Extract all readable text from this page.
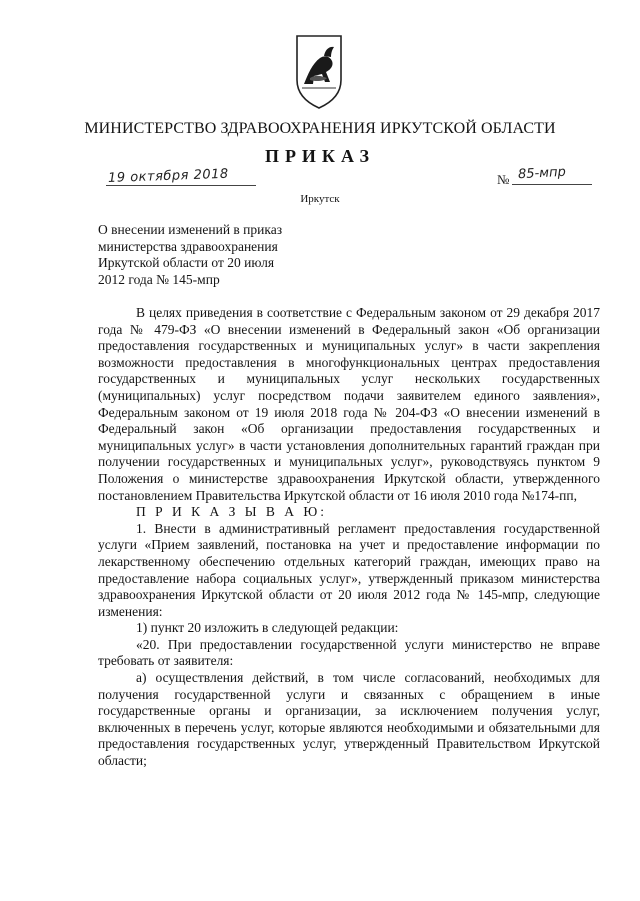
МИНИСТЕРСТВО ЗДРАВООХРАНЕНИЯ ИРКУТСКОЙ ОБЛАСТИ
ПРИКАЗ
19 октября 2018	№ 85-мпр
Иркутск

О внесении изменений в приказ

министерства здравоохранения

Иркутской области от 20 июля

2012 года № 145-мпр

В целях приведения в соответствие с Федеральным законом от 29 декабря 2017 года № 479-ФЗ «О внесении изменений в Федеральный закон «Об организации предоставления государственных и муниципальных услуг» в части закрепления возможности предоставления в многофункциональных центрах предоставления государственных и муниципальных услуг нескольких государственных (муниципальных) услуг посредством подачи заявителем единого заявления», Федеральным законом от 19 июля 2018 года № 204-ФЗ «О внесении изменений в Федеральный закон «Об организации предоставления государственных и муниципальных услуг» в части установления дополнительных гарантий граждан при получении государственных и муниципальных услуг», руководствуясь пунктом 9 Положения о министерстве здравоохранения Иркутской области, утвержденного постановлением Правительства Иркутской области от 16 июля 2010 года №174-пп,

П Р И К А З Ы В А Ю:

1. Внести в административный регламент предоставления государственной услуги «Прием заявлений, постановка на учет и предоставление информации по лекарственному обеспечению отдельных категорий граждан, имеющих право на предоставление набора социальных услуг», утвержденный приказом министерства здравоохранения Иркутской области от 20 июля 2012 года № 145-мпр, следующие изменения:

1) пункт 20 изложить в следующей редакции:

«20. При предоставлении государственной услуги министерство не вправе требовать от заявителя:

а) осуществления действий, в том числе согласований, необходимых для получения государственной услуги и связанных с обращением в иные государственные органы и организации, за исключением получения услуг, включенных в перечень услуг, которые являются необходимыми и обязательными для предоставления государственных услуг, утвержденный Правительством Иркутской области;
